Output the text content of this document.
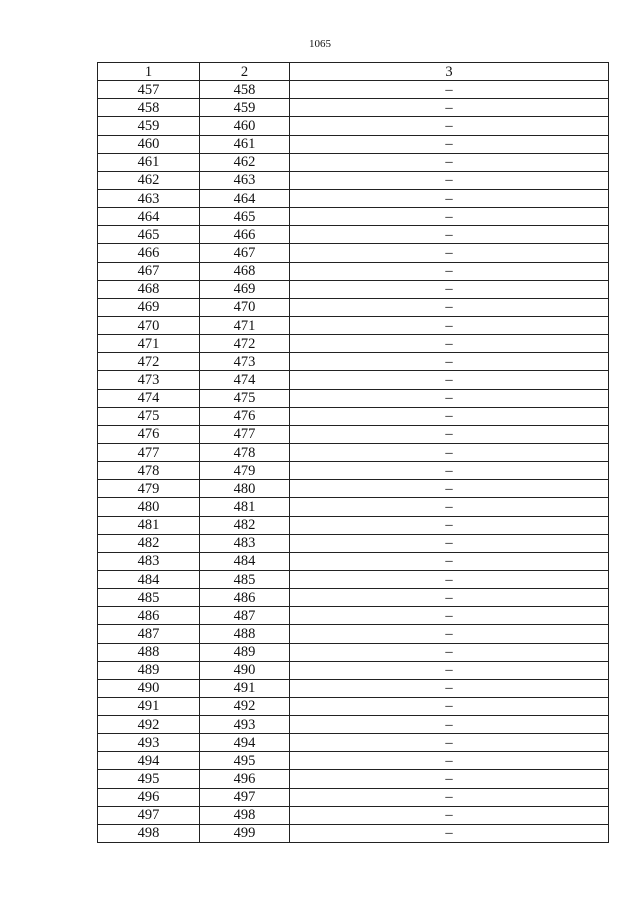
1065
1	2	3
457	458	–
458	459	–
459	460	–
460	461	–
461	462	–
462	463	–
463	464	–
464	465	–
465	466	–
466	467	–
467	468	–
468	469	–
469	470	–
470	471	–
471	472	–
472	473	–
473	474	–
474	475	–
475	476	–
476	477	–
477	478	–
478	479	–
479	480	–
480	481	–
481	482	–
482	483	–
483	484	–
484	485	–
485	486	–
486	487	–
487	488	–
488	489	–
489	490	–
490	491	–
491	492	–
492	493	–
493	494	–
494	495	–
495	496	–
496	497	–
497	498	–
498	499	–
